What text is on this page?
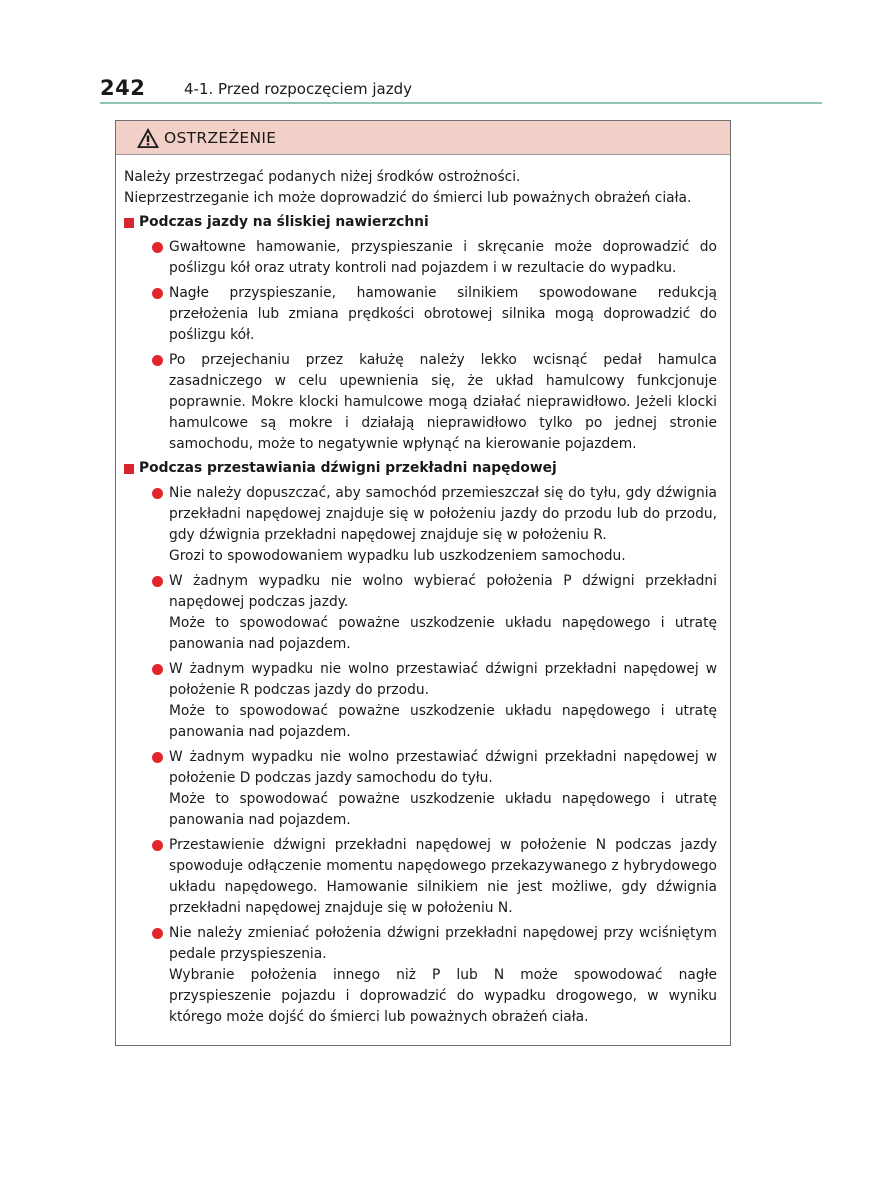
242	4-1. Przed rozpoczęciem jazdy
OSTRZEŻENIE

Należy przestrzegać podanych niżej środków ostrożności.

Nieprzestrzeganie ich może doprowadzić do śmierci lub poważnych obrażeń ciała.

Podczas jazdy na śliskiej nawierzchni

Gwałtowne hamowanie, przyspieszanie i skręcanie może doprowadzić do poślizgu kół oraz utraty kontroli nad pojazdem i w rezultacie do wypadku.

Nagłe przyspieszanie, hamowanie silnikiem spowodowane redukcją przełożenia lub zmiana prędkości obrotowej silnika mogą doprowadzić do poślizgu kół.

Po przejechaniu przez kałużę należy lekko wcisnąć pedał hamulca zasadniczego w celu upewnienia się, że układ hamulcowy funkcjonuje poprawnie. Mokre klocki hamulcowe mogą działać nieprawidłowo. Jeżeli klocki hamulcowe są mokre i działają nieprawidłowo tylko po jednej stronie samochodu, może to negatywnie wpłynąć na kierowanie pojazdem.

Podczas przestawiania dźwigni przekładni napędowej

Nie należy dopuszczać, aby samochód przemieszczał się do tyłu, gdy dźwignia przekładni napędowej znajduje się w położeniu jazdy do przodu lub do przodu, gdy dźwignia przekładni napędowej znajduje się w położeniu R.

Grozi to spowodowaniem wypadku lub uszkodzeniem samochodu.

W żadnym wypadku nie wolno wybierać położenia P dźwigni przekładni napędowej podczas jazdy.

Może to spowodować poważne uszkodzenie układu napędowego i utratę panowania nad pojazdem.

W żadnym wypadku nie wolno przestawiać dźwigni przekładni napędowej w położenie R podczas jazdy do przodu.

Może to spowodować poważne uszkodzenie układu napędowego i utratę panowania nad pojazdem.

W żadnym wypadku nie wolno przestawiać dźwigni przekładni napędowej w położenie D podczas jazdy samochodu do tyłu.

Może to spowodować poważne uszkodzenie układu napędowego i utratę panowania nad pojazdem.

Przestawienie dźwigni przekładni napędowej w położenie N podczas jazdy spowoduje odłączenie momentu napędowego przekazywanego z hybrydowego układu napędowego. Hamowanie silnikiem nie jest możliwe, gdy dźwignia przekładni napędowej znajduje się w położeniu N.

Nie należy zmieniać położenia dźwigni przekładni napędowej przy wciśniętym pedale przyspieszenia.

Wybranie położenia innego niż P lub N może spowodować nagłe przyspieszenie pojazdu i doprowadzić do wypadku drogowego, w wyniku którego może dojść do śmierci lub poważnych obrażeń ciała.
